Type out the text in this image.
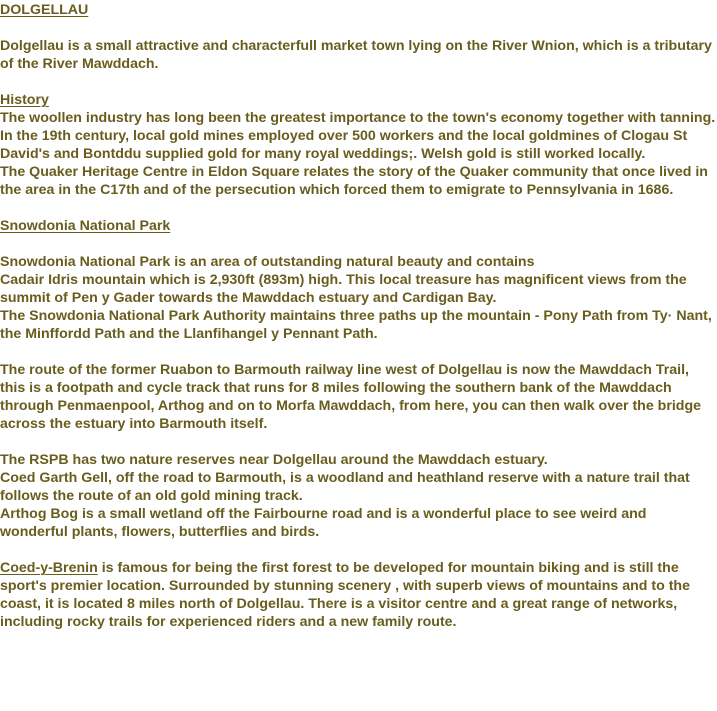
DOLGELLAU

Dolgellau is a small attractive and characterfull market town lying on the River Wnion, which is a tributary of the River Mawddach.

History

The woollen industry has long been the greatest importance to the town's economy together with tanning.

In the 19th century, local gold mines employed over 500 workers and the local goldmines of Clogau St David's and Bontddu supplied gold for many royal weddings;. Welsh gold is still worked locally.

The Quaker Heritage Centre in Eldon Square relates the story of the Quaker community that once lived in the area in the C17th and of the persecution which forced them to emigrate to Pennsylvania in 1686.

Snowdonia National Park

Snowdonia National Park is an area of outstanding natural beauty and contains

Cadair Idris mountain which is 2,930ft (893m) high. This local treasure has magnificent views from the summit of Pen y Gader towards the Mawddach estuary and Cardigan Bay.

The Snowdonia National Park Authority maintains three paths up the mountain - Pony Path from Ty· Nant, the Minffordd Path and the Llanfihangel y Pennant Path.

The route of the former Ruabon to Barmouth railway line west of Dolgellau is now the Mawddach Trail, this is a footpath and cycle track that runs for 8 miles following the southern bank of the Mawddach through Penmaenpool, Arthog and on to Morfa Mawddach, from here, you can then walk over the bridge across the estuary into Barmouth itself.

The RSPB has two nature reserves near Dolgellau around the Mawddach estuary.

Coed Garth Gell, off the road to Barmouth, is a woodland and heathland reserve with a nature trail that follows the route of an old gold mining track.

Arthog Bog is a small wetland off the Fairbourne road and is a wonderful place to see weird and wonderful plants, flowers, butterflies and birds.

Coed-y-Brenin is famous for being the first forest to be developed for mountain biking and is still the sport's premier location. Surrounded by stunning scenery , with superb views of mountains and to the coast, it is located 8 miles north of Dolgellau. There is a visitor centre and a great range of networks, including rocky trails for experienced riders and a new family route.
